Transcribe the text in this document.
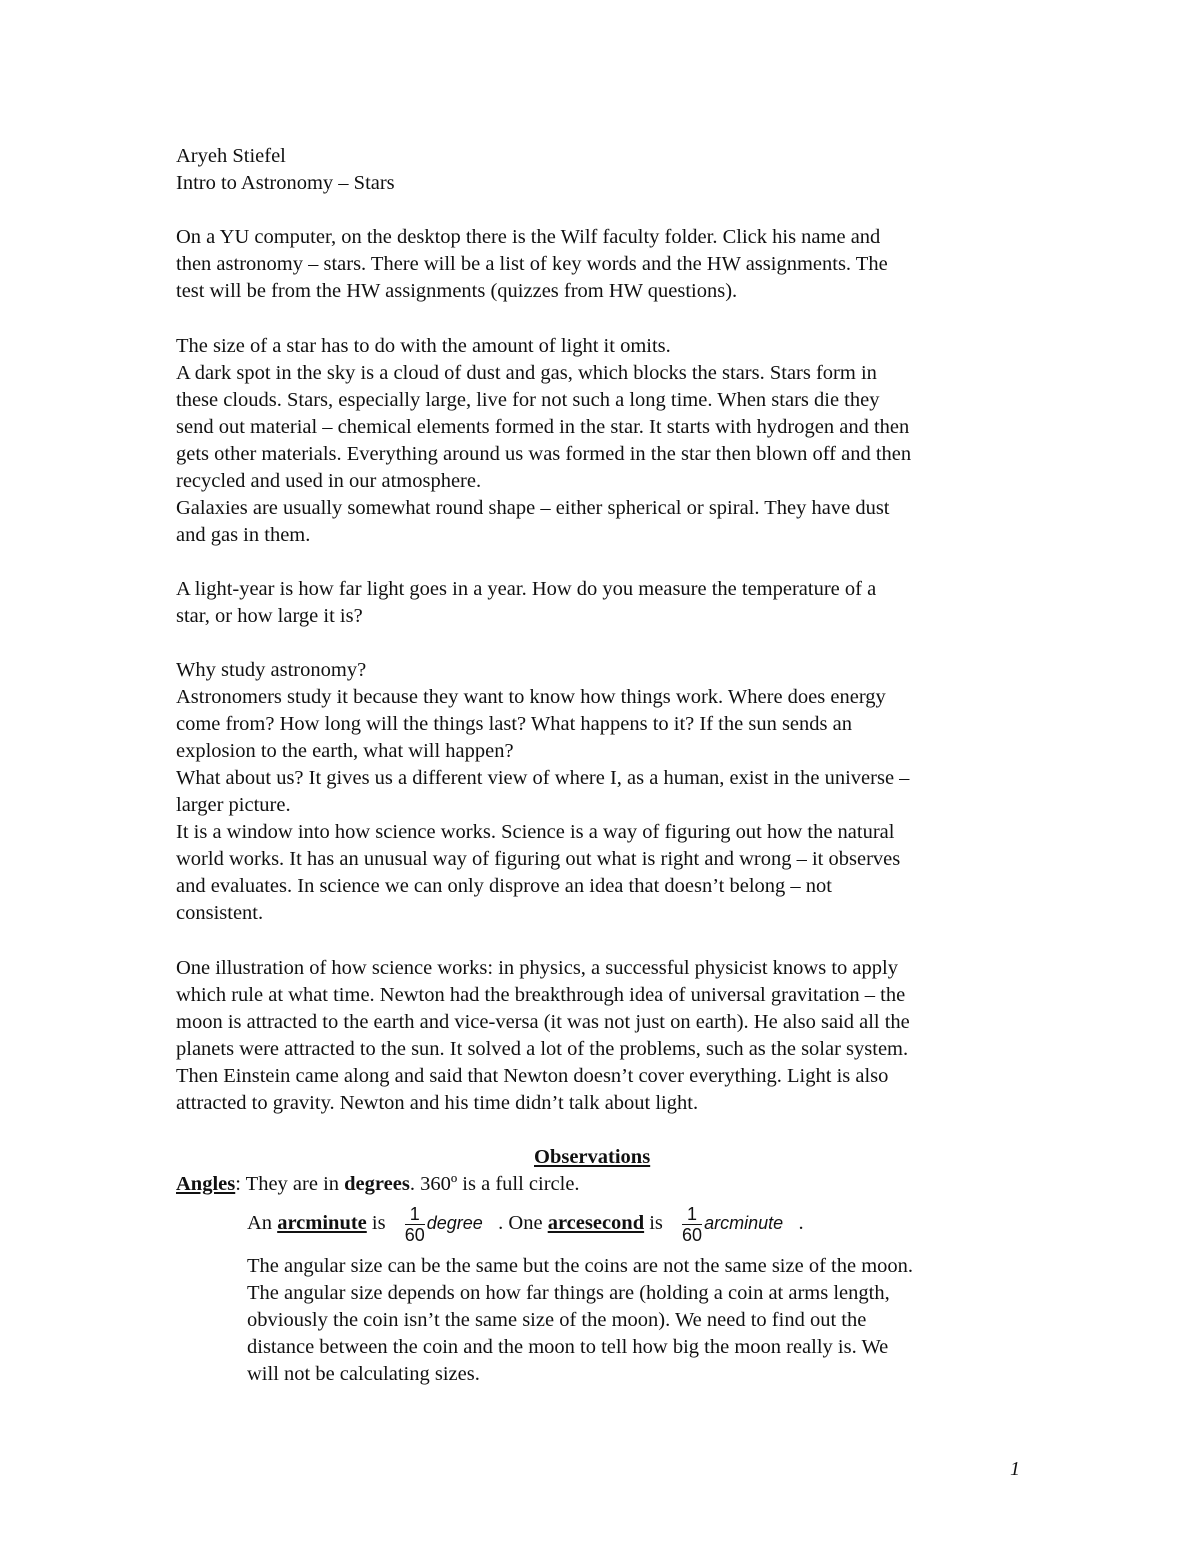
Aryeh Stiefel
Intro to Astronomy – Stars
On a YU computer, on the desktop there is the Wilf faculty folder. Click his name and
then astronomy – stars. There will be a list of key words and the HW assignments. The
test will be from the HW assignments (quizzes from HW questions).
The size of a star has to do with the amount of light it omits.
A dark spot in the sky is a cloud of dust and gas, which blocks the stars. Stars form in
these clouds. Stars, especially large, live for not such a long time. When stars die they
send out material – chemical elements formed in the star. It starts with hydrogen and then
gets other materials. Everything around us was formed in the star then blown off and then
recycled and used in our atmosphere.
Galaxies are usually somewhat round shape – either spherical or spiral. They have dust
and gas in them.
A light-year is how far light goes in a year. How do you measure the temperature of a
star, or how large it is?
Why study astronomy?
Astronomers study it because they want to know how things work. Where does energy
come from? How long will the things last? What happens to it? If the sun sends an
explosion to the earth, what will happen?
What about us? It gives us a different view of where I, as a human, exist in the universe –
larger picture.
It is a window into how science works. Science is a way of figuring out how the natural
world works. It has an unusual way of figuring out what is right and wrong – it observes
and evaluates. In science we can only disprove an idea that doesn’t belong – not
consistent.
One illustration of how science works: in physics, a successful physicist knows to apply
which rule at what time. Newton had the breakthrough idea of universal gravitation – the
moon is attracted to the earth and vice-versa (it was not just on earth). He also said all the
planets were attracted to the sun. It solved a lot of the problems, such as the solar system.
Then Einstein came along and said that Newton doesn’t cover everything. Light is also
attracted to gravity. Newton and his time didn’t talk about light.
Observations
Angles: They are in degrees. 360º is a full circle.
An arcminute is $\frac{1}{60}$ degree   . One arcesecond is $\frac{1}{60}$ arcminute   .
The angular size can be the same but the coins are not the same size of the moon.
The angular size depends on how far things are (holding a coin at arms length,
obviously the coin isn’t the same size of the moon). We need to find out the
distance between the coin and the moon to tell how big the moon really is. We
will not be calculating sizes.
1
